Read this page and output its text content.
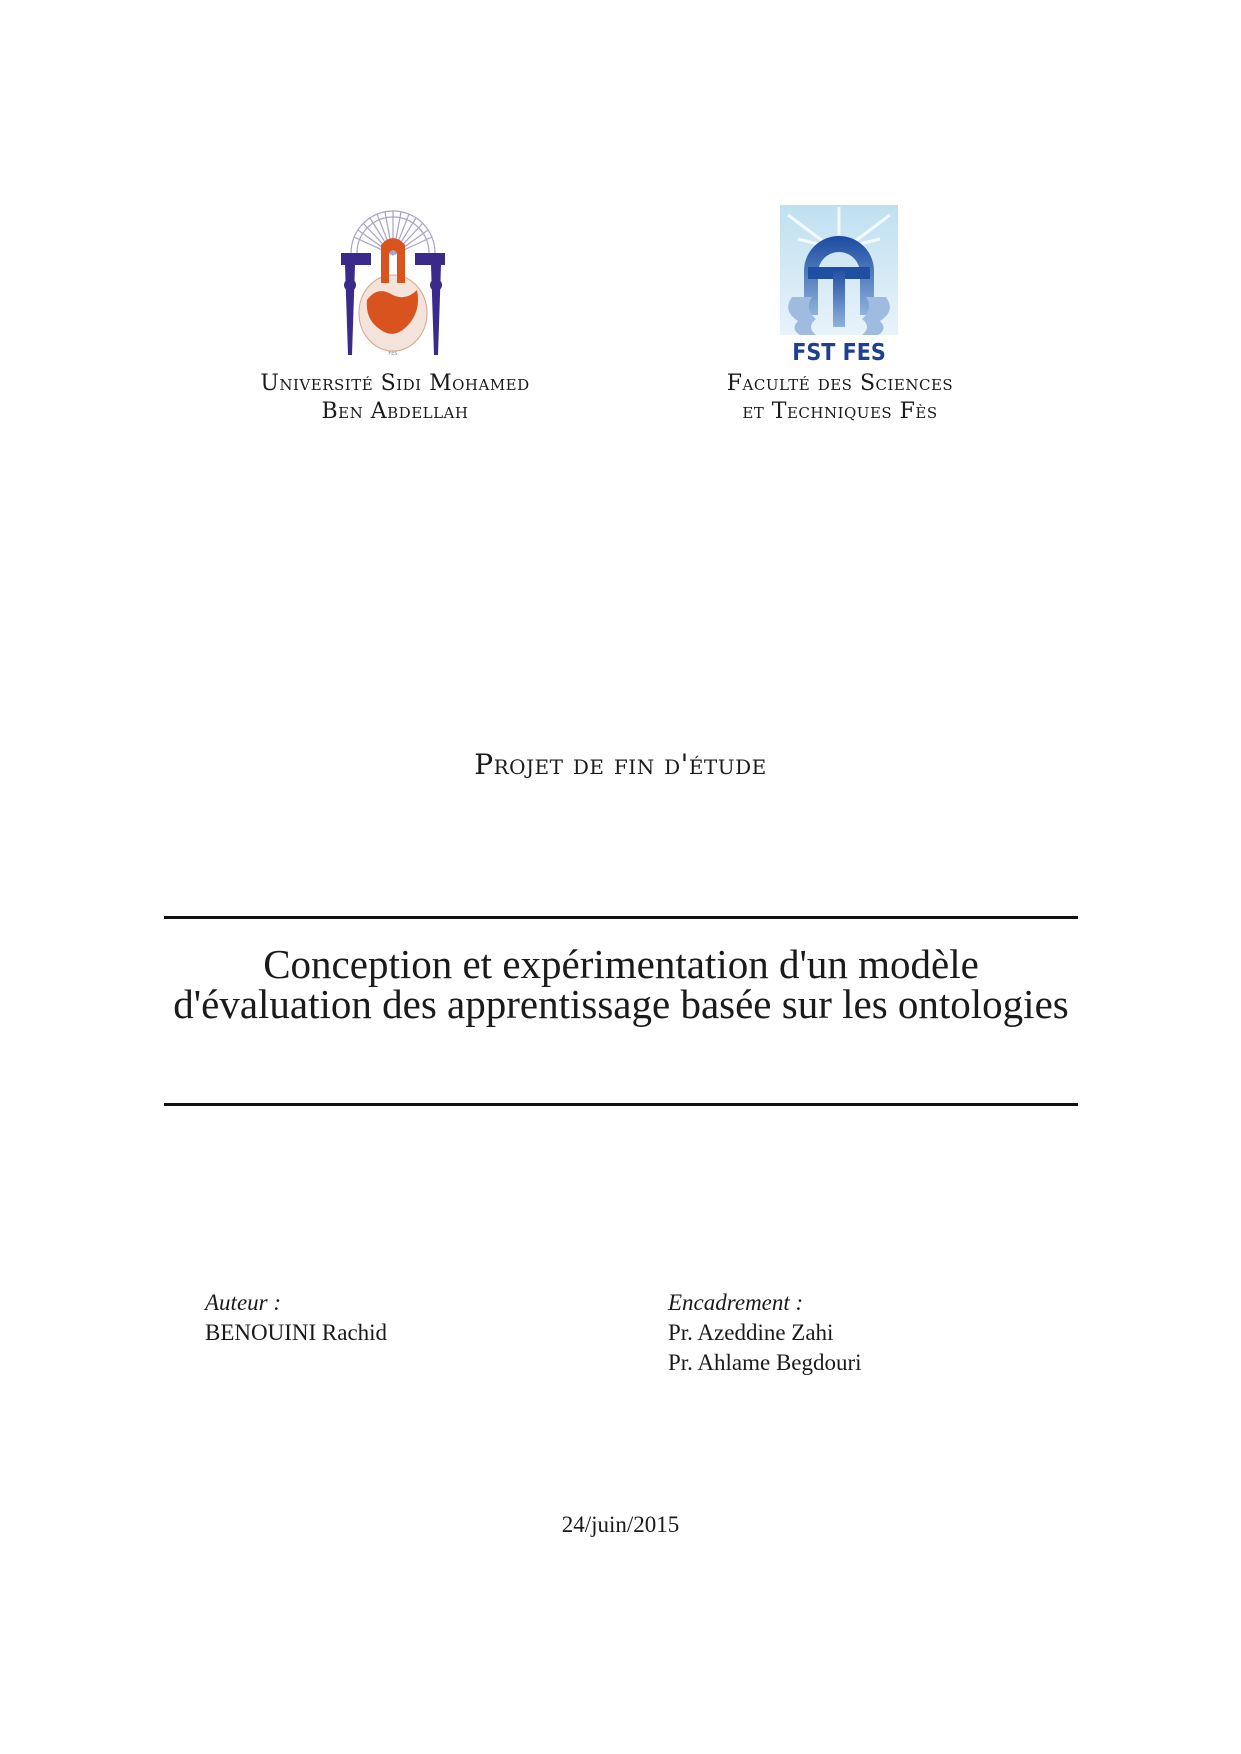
FES
Université Sidi Mohamed
Ben Abdellah
FST FES
Faculté des Sciences
et Techniques Fès
Projet de fin d'étude
Conception et expérimentation d'un modèle d'évaluation des apprentissage basée sur les ontologies
Auteur :
BENOUINI Rachid
Encadrement :
Pr. Azeddine Zahi
Pr. Ahlame Begdouri
24/juin/2015
